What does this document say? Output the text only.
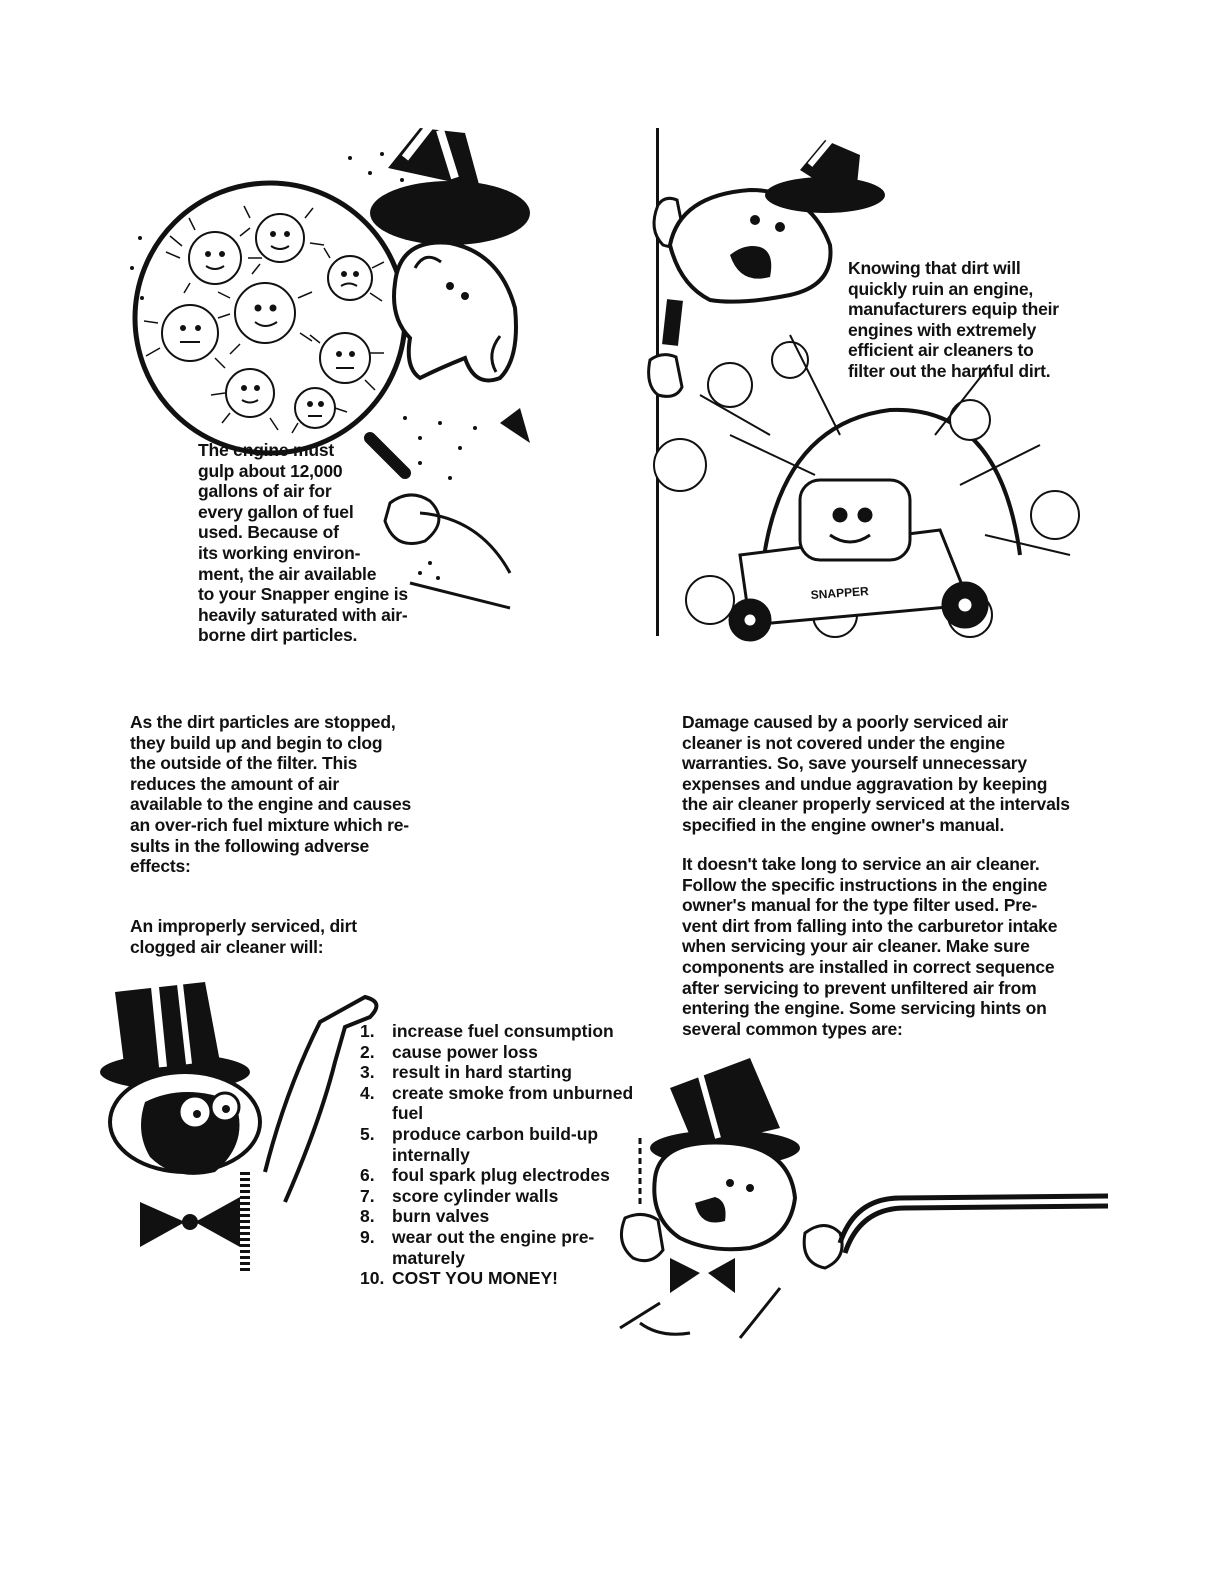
The engine must
gulp about 12,000
gallons of air for
every gallon of fuel
used. Because of
its working environ-
ment, the air available
to your Snapper engine is
heavily saturated with air-
borne dirt particles.

SNAPPER

Knowing that dirt will
quickly ruin an engine,
manufacturers equip their
engines with extremely
efficient air cleaners to
filter out the harmful dirt.

As the dirt particles are stopped,
they build up and begin to clog
the outside of the filter. This
reduces the amount of air
available to the engine and causes
an over-rich fuel mixture which re-
sults in the following adverse
effects:

An improperly serviced, dirt
clogged air cleaner will:

Damage caused by a poorly serviced air
cleaner is not covered under the engine
warranties. So, save yourself unnecessary
expenses and undue aggravation by keeping
the air cleaner properly serviced at the intervals
specified in the engine owner's manual.

It doesn't take long to service an air cleaner.
Follow the specific instructions in the engine
owner's manual for the type filter used. Pre-
vent dirt from falling into the carburetor intake
when servicing your air cleaner. Make sure
components are installed in correct sequence
after servicing to prevent unfiltered air from
entering the engine. Some servicing hints on
several common types are:

1. increase fuel consumption
2. cause power loss
3. result in hard starting
4. create smoke from unburned
fuel
5. produce carbon build-up
internally
6. foul spark plug electrodes
7. score cylinder walls
8. burn valves
9. wear out the engine pre-
maturely
10. COST YOU MONEY!
